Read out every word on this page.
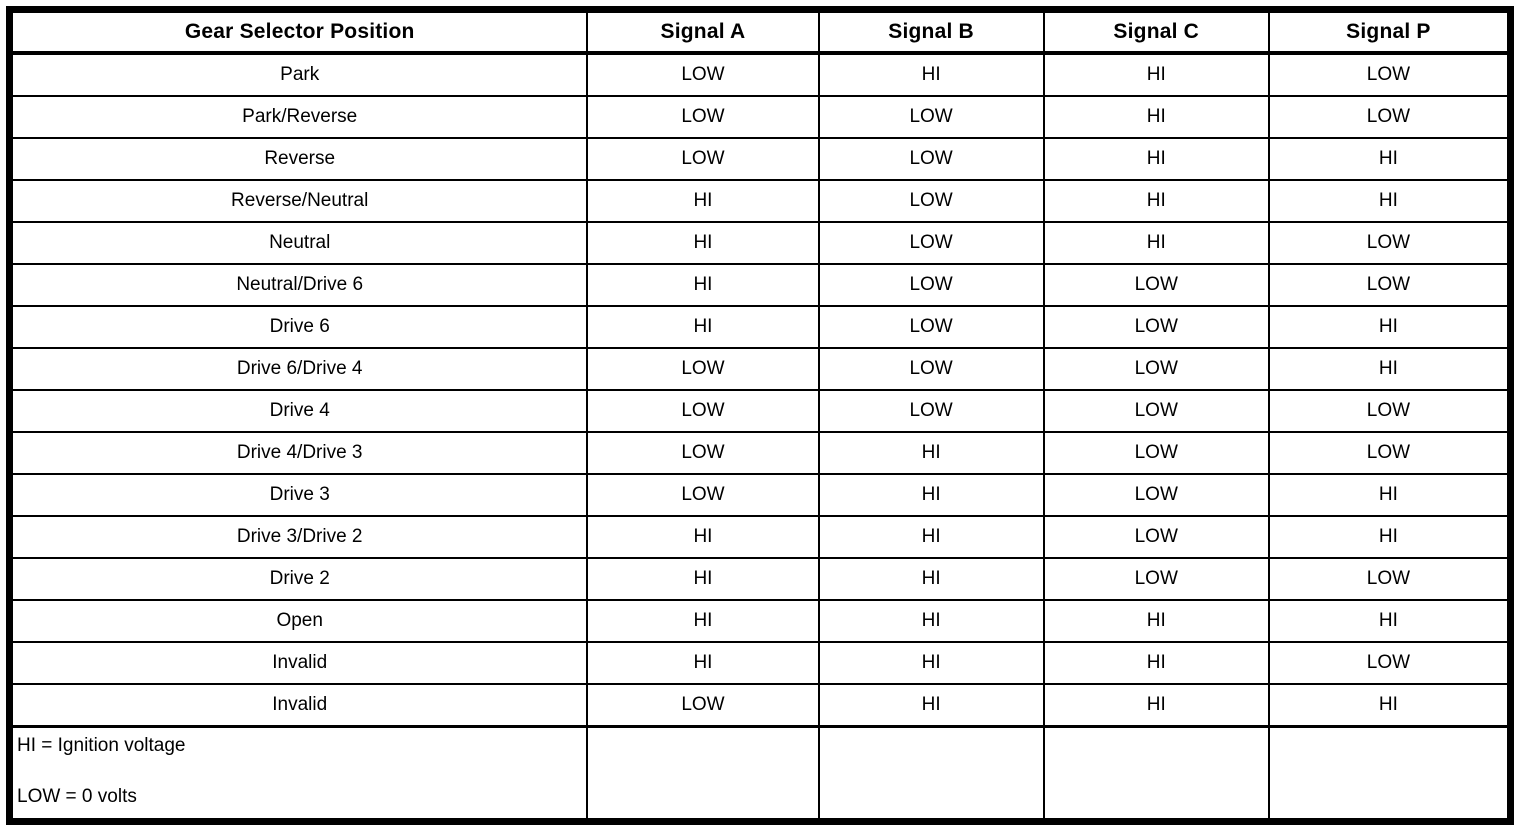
Gear Selector Position	Signal A	Signal B	Signal C	Signal P
Park	LOW	HI	HI	LOW
Park/Reverse	LOW	LOW	HI	LOW
Reverse	LOW	LOW	HI	HI
Reverse/Neutral	HI	LOW	HI	HI
Neutral	HI	LOW	HI	LOW
Neutral/Drive 6	HI	LOW	LOW	LOW
Drive 6	HI	LOW	LOW	HI
Drive 6/Drive 4	LOW	LOW	LOW	HI
Drive 4	LOW	LOW	LOW	LOW
Drive 4/Drive 3	LOW	HI	LOW	LOW
Drive 3	LOW	HI	LOW	HI
Drive 3/Drive 2	HI	HI	LOW	HI
Drive 2	HI	HI	LOW	LOW
Open	HI	HI	HI	HI
Invalid	HI	HI	HI	LOW
Invalid	LOW	HI	HI	HI

HI = Ignition voltage
LOW = 0 volts				
